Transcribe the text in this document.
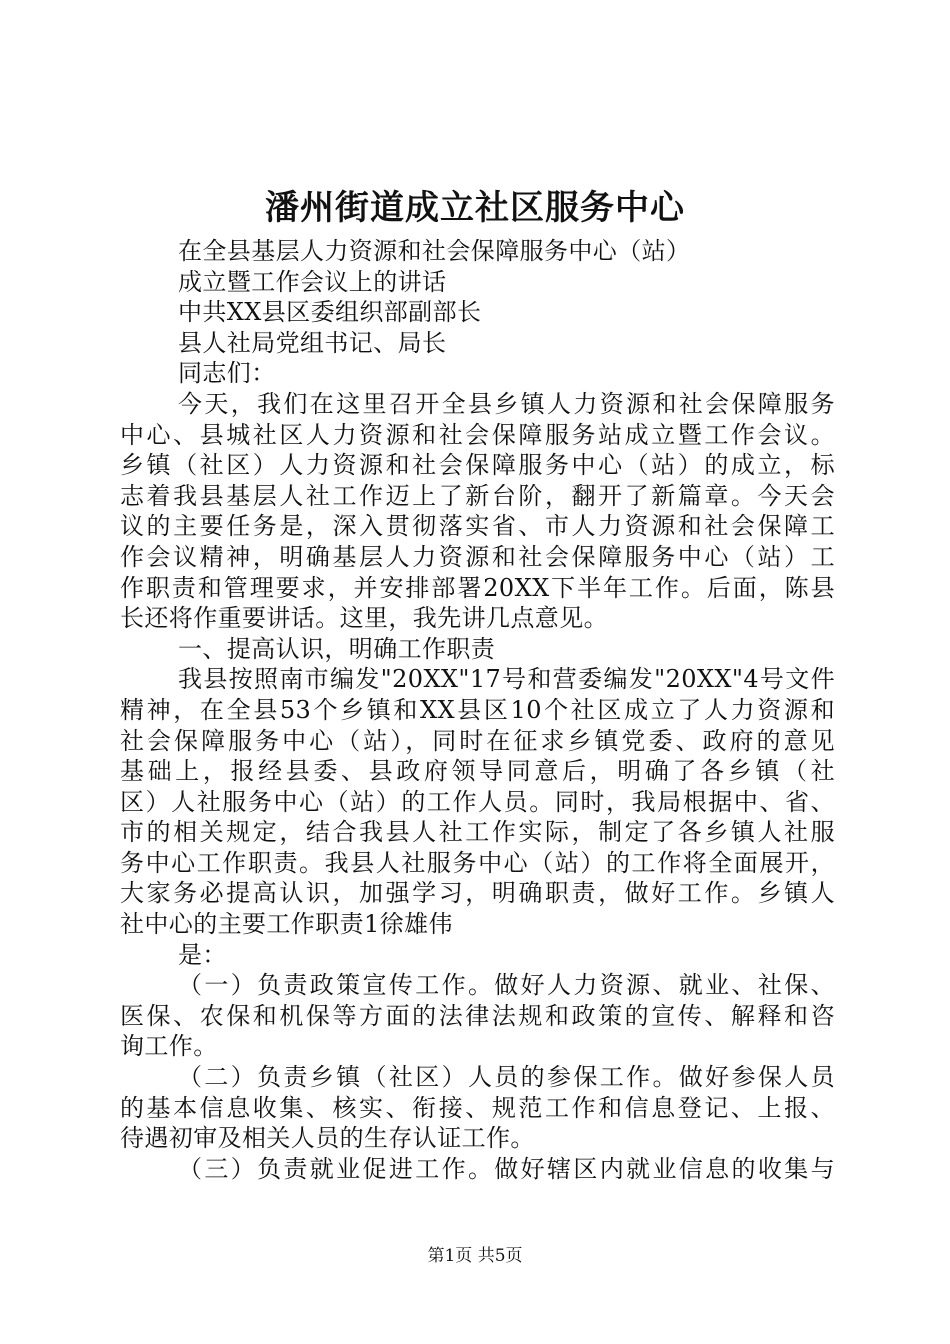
潘州街道成立社区服务中心

在全县基层人力资源和社会保障服务中心（站）

成立暨工作会议上的讲话

中共XX县区委组织部副部长

县人社局党组书记、局长

同志们：

今天，我们在这里召开全县乡镇人力资源和社会保障服务

中心、县城社区人力资源和社会保障服务站成立暨工作会议。

乡镇（社区）人力资源和社会保障服务中心（站）的成立，标

志着我县基层人社工作迈上了新台阶，翻开了新篇章。今天会

议的主要任务是，深入贯彻落实省、市人力资源和社会保障工

作会议精神，明确基层人力资源和社会保障服务中心（站）工

作职责和管理要求，并安排部署20XX下半年工作。后面，陈县

长还将作重要讲话。这里，我先讲几点意见。

一、提高认识，明确工作职责

我县按照南市编发"20XX"17号和营委编发"20XX"4号文件

精神，在全县53个乡镇和XX县区10个社区成立了人力资源和

社会保障服务中心（站），同时在征求乡镇党委、政府的意见

基础上，报经县委、县政府领导同意后，明确了各乡镇（社

区）人社服务中心（站）的工作人员。同时，我局根据中、省、

市的相关规定，结合我县人社工作实际，制定了各乡镇人社服

务中心工作职责。我县人社服务中心（站）的工作将全面展开，

大家务必提高认识，加强学习，明确职责，做好工作。乡镇人

社中心的主要工作职责1徐雄伟

是：

（一）负责政策宣传工作。做好人力资源、就业、社保、

医保、农保和机保等方面的法律法规和政策的宣传、解释和咨

询工作。

（二）负责乡镇（社区）人员的参保工作。做好参保人员

的基本信息收集、核实、衔接、规范工作和信息登记、上报、

待遇初审及相关人员的生存认证工作。

（三）负责就业促进工作。做好辖区内就业信息的收集与

第1页 共5页
